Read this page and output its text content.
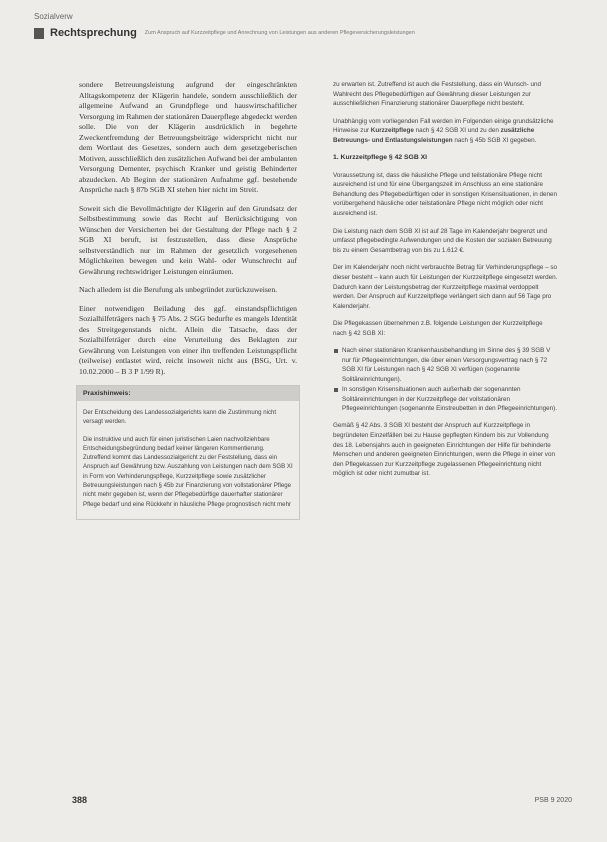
Sozialverw
Rechtsprechung Zum Anspruch auf Kurzzeitpflege und Anrechnung von Leistungen aus anderen Pflegeversicherungsleistungen

sondere Betreuungsleistung aufgrund der eingeschränkten Alltagskompetenz der Klägerin handele, sondern ausschließlich der allgemeine Aufwand an Grundpflege und hauswirtschaftlicher Versorgung im Rahmen der stationären Dauerpflege abgedeckt werden solle. Die von der Klägerin ausdrücklich in begehrte Zweckentfremdung der Betreuungsbeiträge widerspricht nicht nur dem Wortlaut des Gesetzes, sondern auch dem gesetzgeberischen Motiven, ausschließlich den zusätzlichen Aufwand bei der ambulanten Versorgung Dementer, psychisch Kranker und geistig Behinderter abzudecken. Ab Beginn der stationären Aufnahme ggf. bestehende Ansprüche nach § 87b SGB XI stehen hier nicht im Streit.

Soweit sich die Bevollmächtigte der Klägerin auf den Grundsatz der Selbstbestimmung sowie das Recht auf Berücksichtigung von Wünschen der Versicherten bei der Gestaltung der Pflege nach § 2 SGB XI beruft, ist festzustellen, dass diese Ansprüche selbstverständlich nur im Rahmen der gesetzlich vorgesehenen Möglichkeiten bewegen und kein Wahl- oder Wunschrecht auf Gewährung rechtswidriger Leistungen einräumen.

Nach alledem ist die Berufung als unbegründet zurückzuweisen.

Einer notwendigen Beiladung des ggf. einstandspflichtigen Sozialhilfeträgers nach § 75 Abs. 2 SGG bedurfte es mangels Identität des Streitgegenstands nicht. Allein die Tatsache, dass der Sozialhilfeträger durch eine Verurteilung des Beklagten zur Gewährung von Leistungen von einer ihn treffenden Leistungspflicht (teilweise) entlastet wird, reicht insoweit nicht aus (BSG, Urt. v. 10.02.2000 – B 3 P 1/99 R).

Praxishinweis:

Der Entscheidung des Landessozialgerichts kann die Zustimmung nicht versagt werden.

Die instruktive und auch für einen juristischen Laien nachvollziehbare Entscheidungsbegründung bedarf keiner längeren Kommentierung. Zutreffend kommt das Landessozialgericht zu der Feststellung, dass ein Anspruch auf Gewährung bzw. Auszahlung von Leistungen nach dem SGB XI in Form von Verhinderungspflege, Kurzzeitpflege sowie zusätzlicher Betreuungsleistungen nach § 45b zur Finanzierung von vollstationärer Pflege nicht mehr gegeben ist, wenn der Pflegebedürftige dauerhafter stationärer Pflege bedarf und eine Rückkehr in häusliche Pflege prognostisch nicht mehr

zu erwarten ist. Zutreffend ist auch die Feststellung, dass ein Wunsch- und Wahlrecht des Pflegebedürftigen auf Gewährung dieser Leistungen zur ausschließlichen Finanzierung stationärer Dauerpflege nicht besteht.

Unabhängig vom vorliegenden Fall werden im Folgenden einige grundsätzliche Hinweise zur Kurzzeitpflege nach § 42 SGB XI und zu den zusätzliche Betreuungs- und Entlastungsleistungen nach § 45b SGB XI gegeben.

1. Kurzzeitpflege § 42 SGB XI

Voraussetzung ist, dass die häusliche Pflege und teilstationäre Pflege nicht ausreichend ist und für eine Übergangszeit im Anschluss an eine stationäre Behandlung des Pflegebedürftigen oder in sonstigen Krisensituationen, in denen vorübergehend häusliche oder teilstationäre Pflege nicht möglich oder nicht ausreichend ist.

Die Leistung nach dem SGB XI ist auf 28 Tage im Kalenderjahr begrenzt und umfasst pflegebedingte Aufwendungen und die Kosten der sozialen Betreuung bis zu einem Gesamtbetrag von bis zu 1.612 €.

Der im Kalenderjahr noch nicht verbrauchte Betrag für Verhinderungspflege – so dieser besteht – kann auch für Leistungen der Kurzzeitpflege eingesetzt werden. Dadurch kann der Leistungsbetrag der Kurzzeitpflege maximal verdoppelt werden. Der Anspruch auf Kurzzeitpflege verlängert sich dann auf 56 Tage pro Kalenderjahr.

Die Pflegekassen übernehmen z.B. folgende Leistungen der Kurzzeitpflege nach § 42 SGB XI:

Nach einer stationären Krankenhausbehandlung im Sinne des § 39 SGB V nur für Pflegeeinrichtungen, die über einen Versorgungsvertrag nach § 72 SGB XI für Leistungen nach § 42 SGB XI verfügen (sogenannte Solitäreinrichtungen).
In sonstigen Krisensituationen auch außerhalb der sogenannten Solitäreinrichtungen in der Kurzzeitpflege der vollstationären Pflegeeinrichtungen (sogenannte Einstreubetten in den Pflegeeinrichtungen).

Gemäß § 42 Abs. 3 SGB XI besteht der Anspruch auf Kurzzeitpflege in begründeten Einzelfällen bei zu Hause gepflegten Kindern bis zur Vollendung des 18. Lebensjahrs auch in geeigneten Einrichtungen der Hilfe für behinderte Menschen und anderen geeigneten Einrichtungen, wenn die Pflege in einer von den Pflegekassen zur Kurzzeitpflege zugelassenen Pflegeeinrichtung nicht möglich ist oder nicht zumutbar ist.

388	PSB 9 2020
